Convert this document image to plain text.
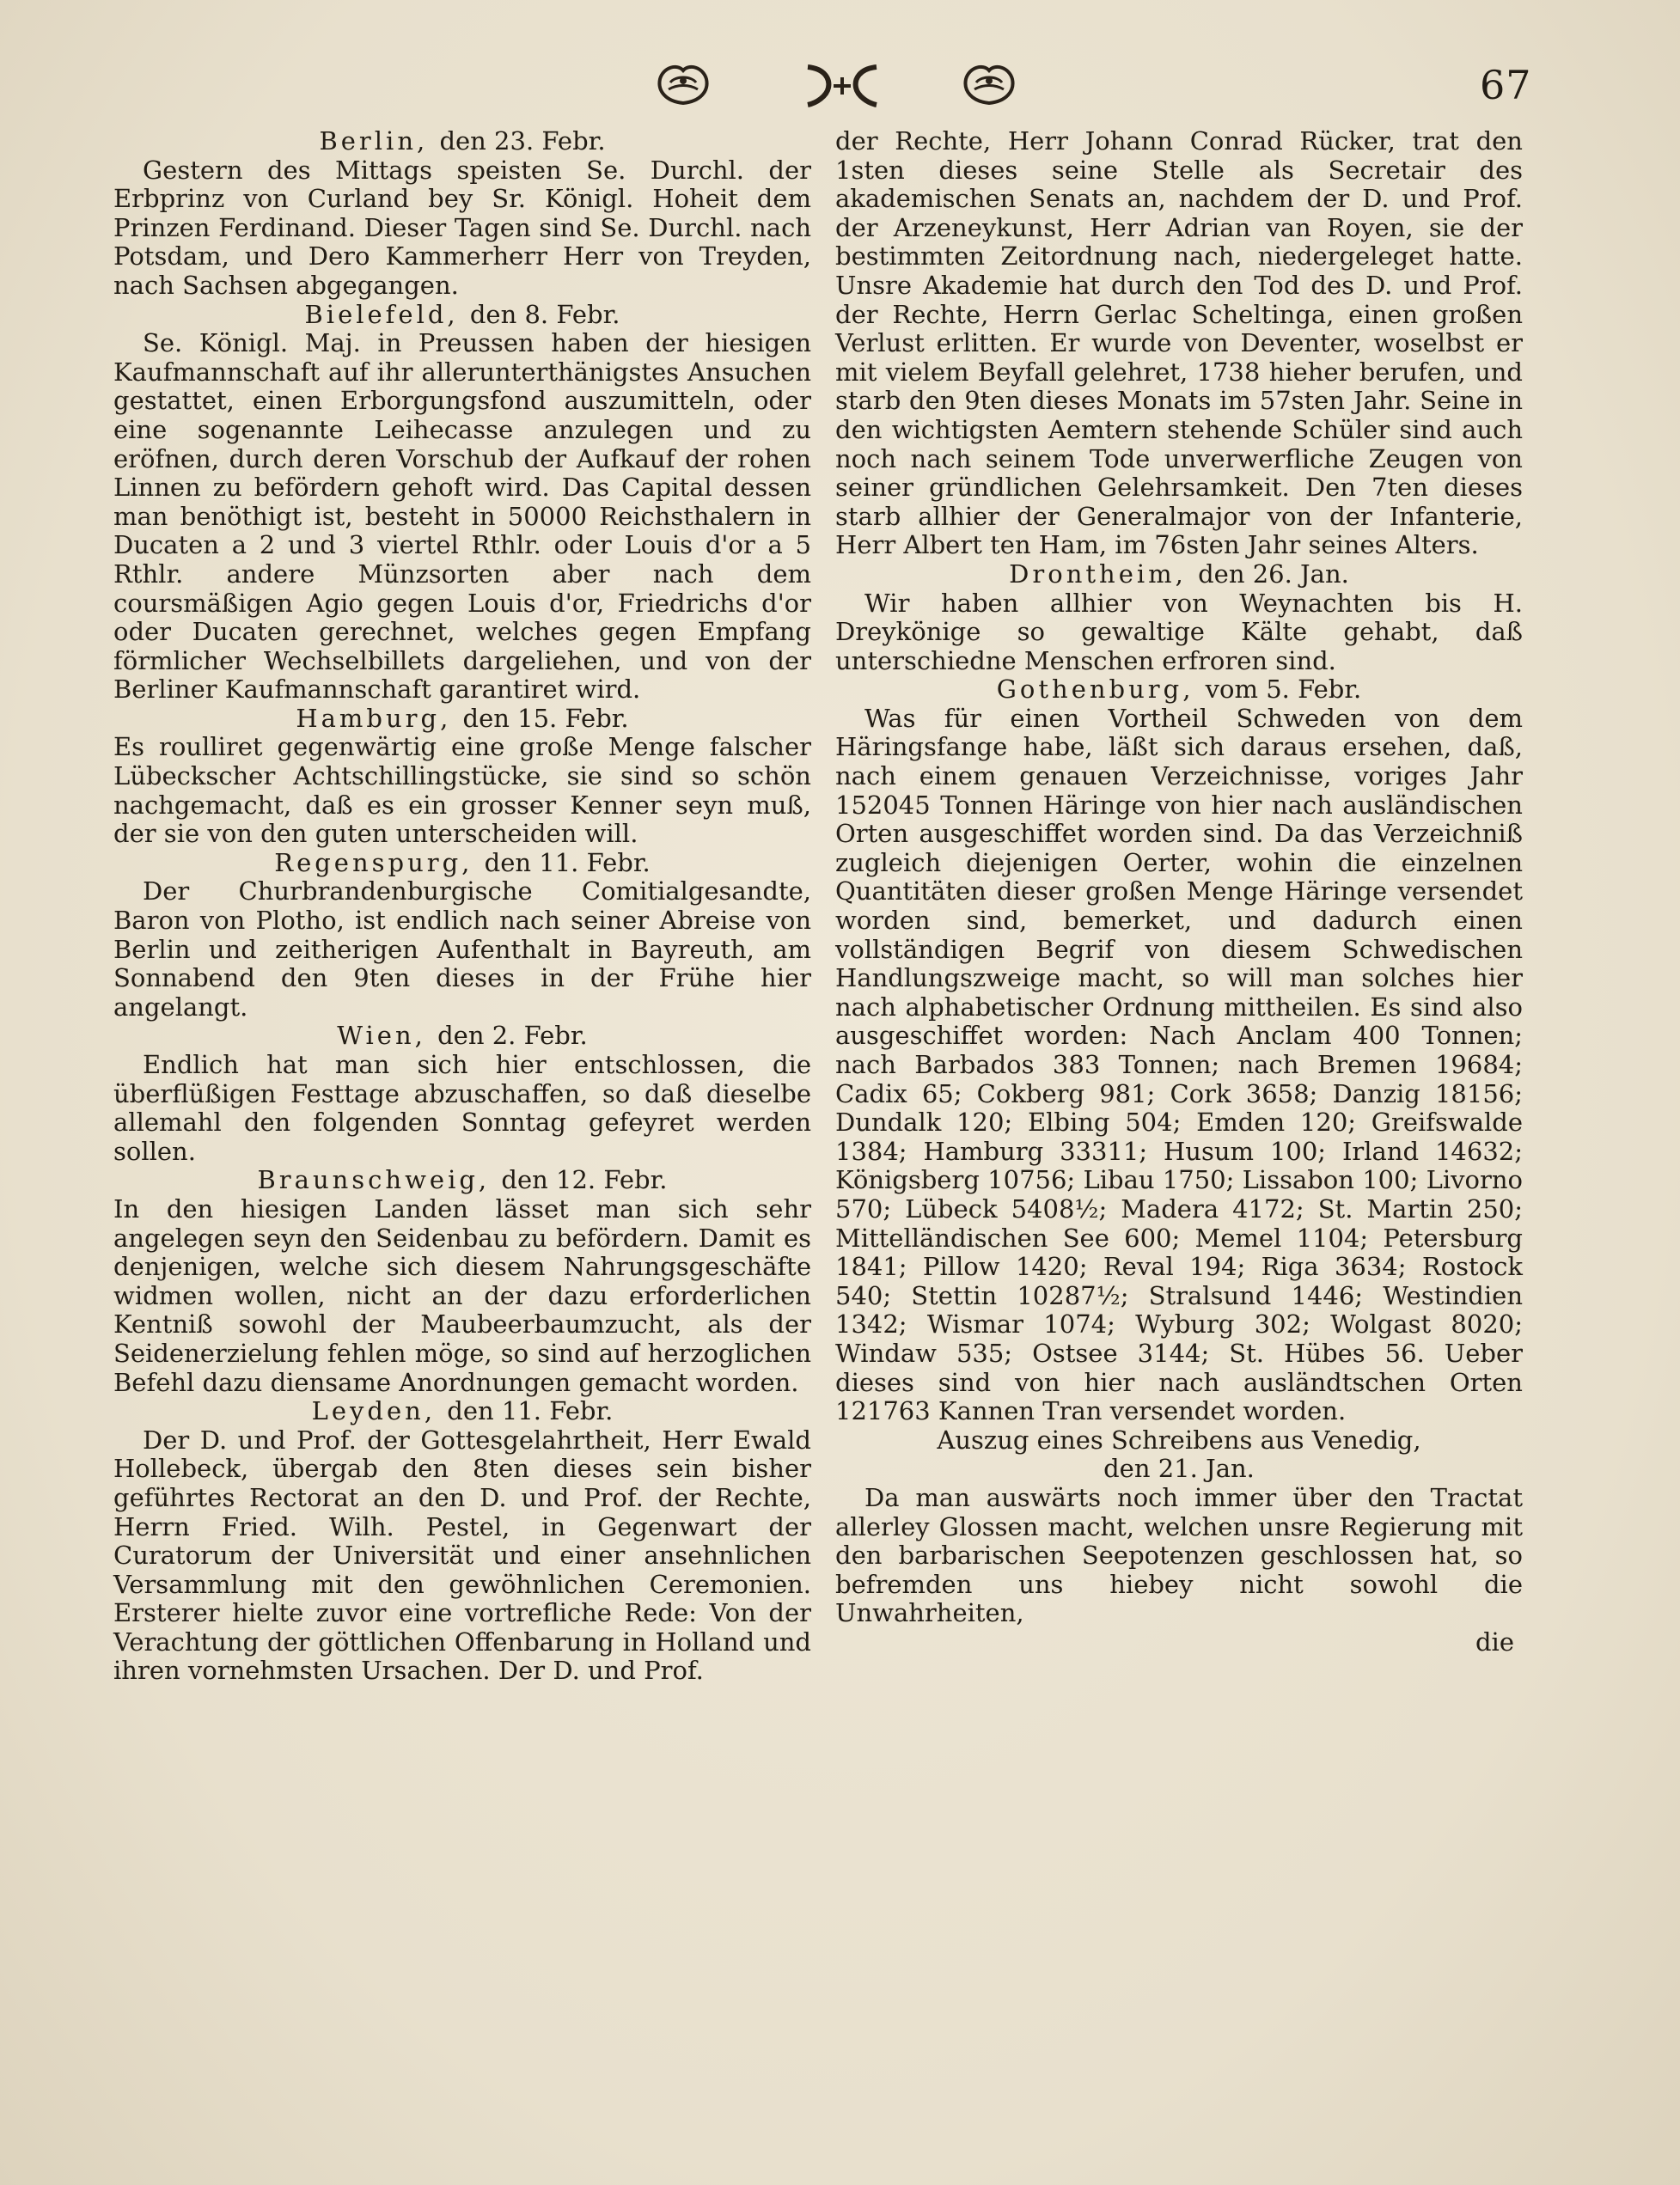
67

Berlin, den 23. Febr.

Gestern des Mittags speisten Se. Durchl. der Erbprinz von Curland bey Sr. Königl. Hoheit dem Prinzen Ferdinand. Dieser Tagen sind Se. Durchl. nach Potsdam, und Dero Kammerherr Herr von Treyden, nach Sachsen abgegangen.

Bielefeld, den 8. Febr.

Se. Königl. Maj. in Preussen haben der hiesigen Kaufmannschaft auf ihr allerunterthänigstes Ansuchen gestattet, einen Erborgungsfond auszumitteln, oder eine sogenannte Leihecasse anzulegen und zu eröfnen, durch deren Vorschub der Aufkauf der rohen Linnen zu befördern gehoft wird. Das Capital dessen man benöthigt ist, besteht in 50000 Reichsthalern in Ducaten a 2 und 3 viertel Rthlr. oder Louis d'or a 5 Rthlr. andere Münzsorten aber nach dem coursmäßigen Agio gegen Louis d'or, Friedrichs d'or oder Ducaten gerechnet, welches gegen Empfang förmlicher Wechselbillets dargeliehen, und von der Berliner Kaufmannschaft garantiret wird.

Hamburg, den 15. Febr.

Es roulliret gegenwärtig eine große Menge falscher Lübeckscher Achtschillingstücke, sie sind so schön nachgemacht, daß es ein grosser Kenner seyn muß, der sie von den guten unterscheiden will.

Regenspurg, den 11. Febr.

Der Churbrandenburgische Comitialgesandte, Baron von Plotho, ist endlich nach seiner Abreise von Berlin und zeitherigen Aufenthalt in Bayreuth, am Sonnabend den 9ten dieses in der Frühe hier angelangt.

Wien, den 2. Febr.

Endlich hat man sich hier entschlossen, die überflüßigen Festtage abzuschaffen, so daß dieselbe allemahl den folgenden Sonntag gefeyret werden sollen.

Braunschweig, den 12. Febr.

In den hiesigen Landen lässet man sich sehr angelegen seyn den Seidenbau zu befördern. Damit es denjenigen, welche sich diesem Nahrungsgeschäfte widmen wollen, nicht an der dazu erforderlichen Kentniß sowohl der Maubeerbaumzucht, als der Seidenerzielung fehlen möge, so sind auf herzoglichen Befehl dazu diensame Anordnungen gemacht worden.

Leyden, den 11. Febr.

Der D. und Prof. der Gottesgelahrtheit, Herr Ewald Hollebeck, übergab den 8ten dieses sein bisher geführtes Rectorat an den D. und Prof. der Rechte, Herrn Fried. Wilh. Pestel, in Gegenwart der Curatorum der Universität und einer ansehnlichen Versammlung mit den gewöhnlichen Ceremonien. Ersterer hielte zuvor eine vortrefliche Rede: Von der Verachtung der göttlichen Offenbarung in Holland und ihren vornehmsten Ursachen. Der D. und Prof.

der Rechte, Herr Johann Conrad Rücker, trat den 1sten dieses seine Stelle als Secretair des akademischen Senats an, nachdem der D. und Prof. der Arzeneykunst, Herr Adrian van Royen, sie der bestimmten Zeitordnung nach, niedergeleget hatte. Unsre Akademie hat durch den Tod des D. und Prof. der Rechte, Herrn Gerlac Scheltinga, einen großen Verlust erlitten. Er wurde von Deventer, woselbst er mit vielem Beyfall gelehret, 1738 hieher berufen, und starb den 9ten dieses Monats im 57sten Jahr. Seine in den wichtigsten Aemtern stehende Schüler sind auch noch nach seinem Tode unverwerfliche Zeugen von seiner gründlichen Gelehrsamkeit. Den 7ten dieses starb allhier der Generalmajor von der Infanterie, Herr Albert ten Ham, im 76sten Jahr seines Alters.

Drontheim, den 26. Jan.

Wir haben allhier von Weynachten bis H. Dreykönige so gewaltige Kälte gehabt, daß unterschiedne Menschen erfroren sind.

Gothenburg, vom 5. Febr.

Was für einen Vortheil Schweden von dem Häringsfange habe, läßt sich daraus ersehen, daß, nach einem genauen Verzeichnisse, voriges Jahr 152045 Tonnen Häringe von hier nach ausländischen Orten ausgeschiffet worden sind. Da das Verzeichniß zugleich diejenigen Oerter, wohin die einzelnen Quantitäten dieser großen Menge Häringe versendet worden sind, bemerket, und dadurch einen vollständigen Begrif von diesem Schwedischen Handlungszweige macht, so will man solches hier nach alphabetischer Ordnung mittheilen. Es sind also ausgeschiffet worden: Nach Anclam 400 Tonnen; nach Barbados 383 Tonnen; nach Bremen 19684; Cadix 65; Cokberg 981; Cork 3658; Danzig 18156; Dundalk 120; Elbing 504; Emden 120; Greifswalde 1384; Hamburg 33311; Husum 100; Irland 14632; Königsberg 10756; Libau 1750; Lissabon 100; Livorno 570; Lübeck 5408½; Madera 4172; St. Martin 250; Mittelländischen See 600; Memel 1104; Petersburg 1841; Pillow 1420; Reval 194; Riga 3634; Rostock 540; Stettin 10287½; Stralsund 1446; Westindien 1342; Wismar 1074; Wyburg 302; Wolgast 8020; Windaw 535; Ostsee 3144; St. Hübes 56. Ueber dieses sind von hier nach ausländtschen Orten 121763 Kannen Tran versendet worden.

Auszug eines Schreibens aus Venedig,

den 21. Jan.

Da man auswärts noch immer über den Tractat allerley Glossen macht, welchen unsre Regierung mit den barbarischen Seepotenzen geschlossen hat, so befremden uns hiebey nicht sowohl die Unwahrheiten,

die
